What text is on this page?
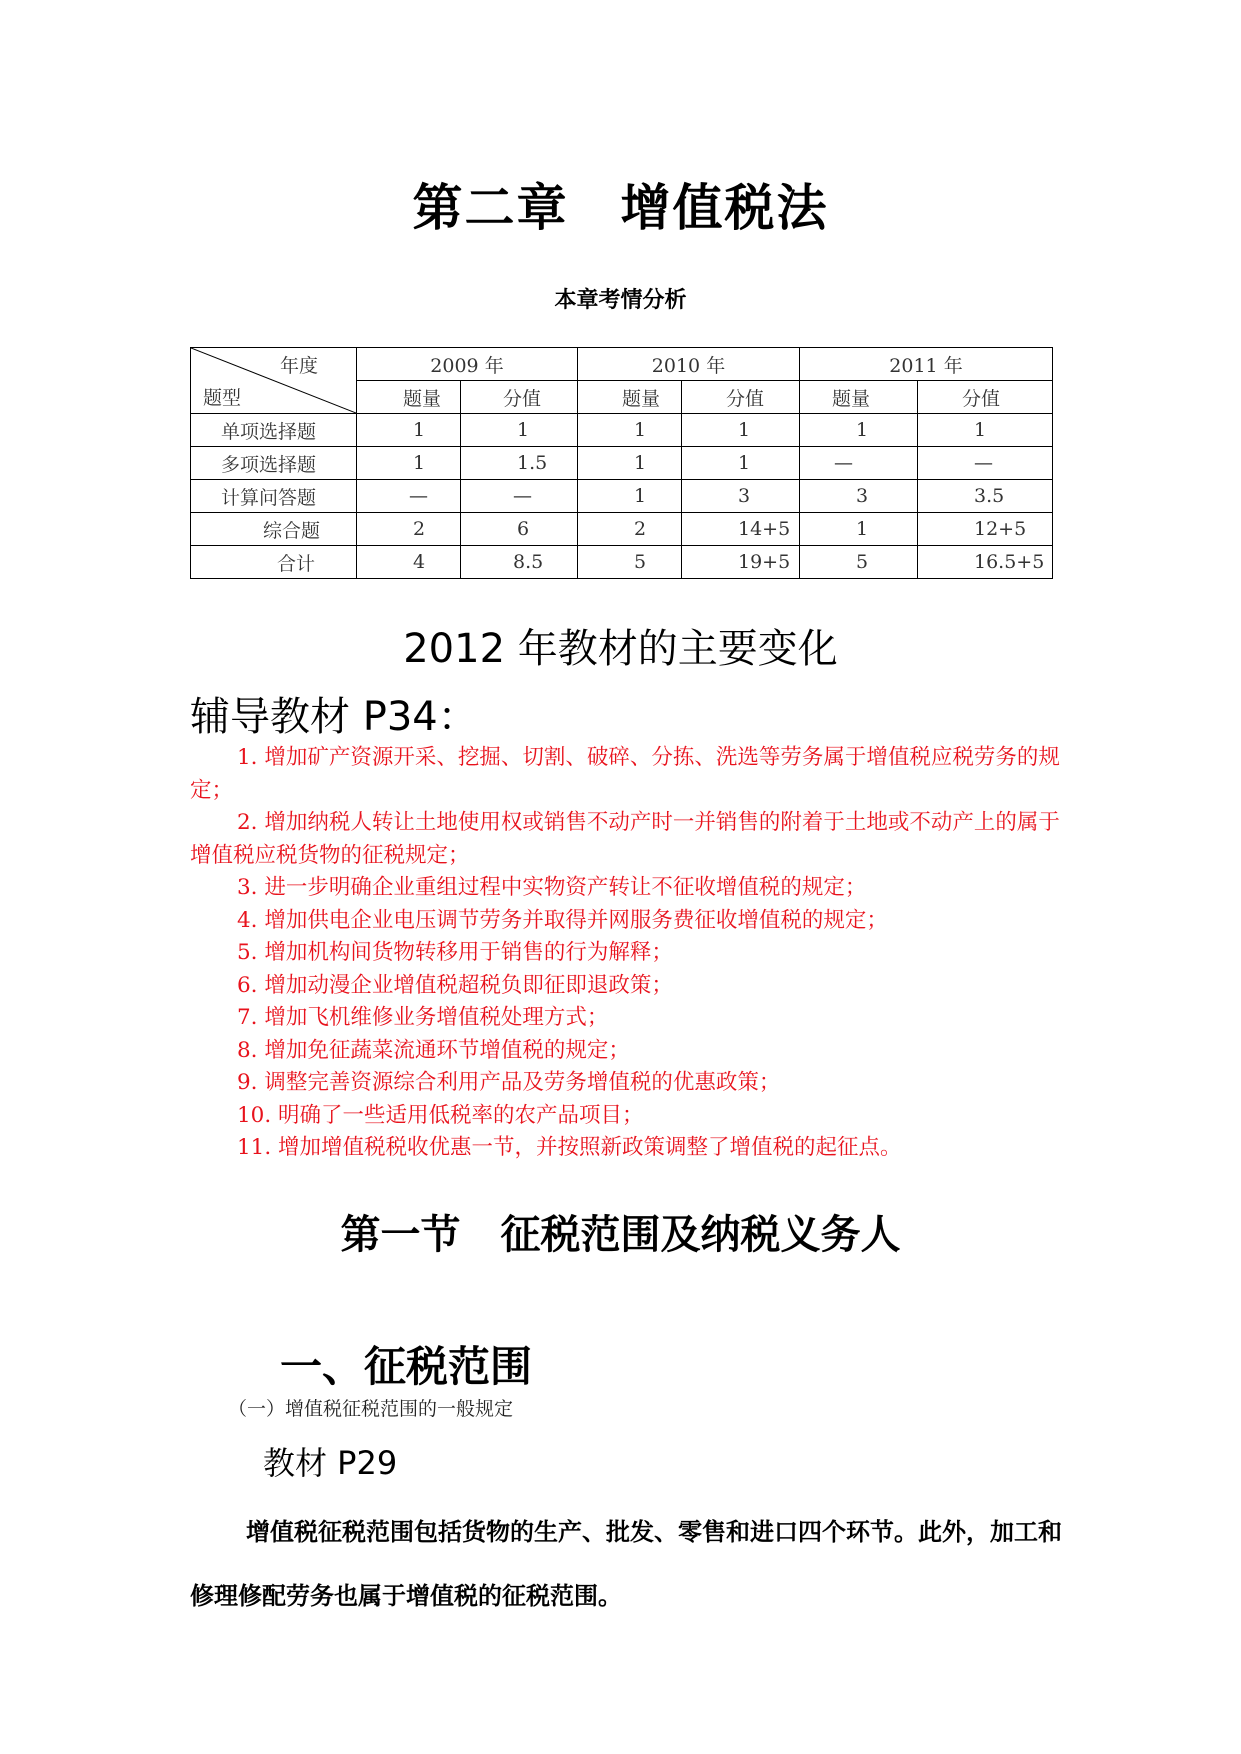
第二章　增值税法
本章考情分析
年度
题型	2009 年		2010 年		2011 年	
	题量	分值	题量	分值	题量	分值
单项选择题	1	1	1	1	1	1
多项选择题	1	1.5	1	1	—	—
计算问答题	—	—	1	3	3	3.5
综合题	2	6	2	14+5	1	12+5
合计	4	8.5	5	19+5	5	16.5+5
2012 年教材的主要变化
辅导教材 P34：

1. 增加矿产资源开采、挖掘、切割、破碎、分拣、洗选等劳务属于增值税应税劳务的规定；

2. 增加纳税人转让土地使用权或销售不动产时一并销售的附着于土地或不动产上的属于增值税应税货物的征税规定；

3. 进一步明确企业重组过程中实物资产转让不征收增值税的规定；

4. 增加供电企业电压调节劳务并取得并网服务费征收增值税的规定；

5. 增加机构间货物转移用于销售的行为解释；

6. 增加动漫企业增值税超税负即征即退政策；

7. 增加飞机维修业务增值税处理方式；

8. 增加免征蔬菜流通环节增值税的规定；

9. 调整完善资源综合利用产品及劳务增值税的优惠政策；

10. 明确了一些适用低税率的农产品项目；

11. 增加增值税税收优惠一节，并按照新政策调整了增值税的起征点。

第一节　征税范围及纳税义务人
一、征税范围
（一）增值税征税范围的一般规定
教材 P29

增值税征税范围包括货物的生产、批发、零售和进口四个环节。此外，加工和修理修配劳务也属于增值税的征税范围。
